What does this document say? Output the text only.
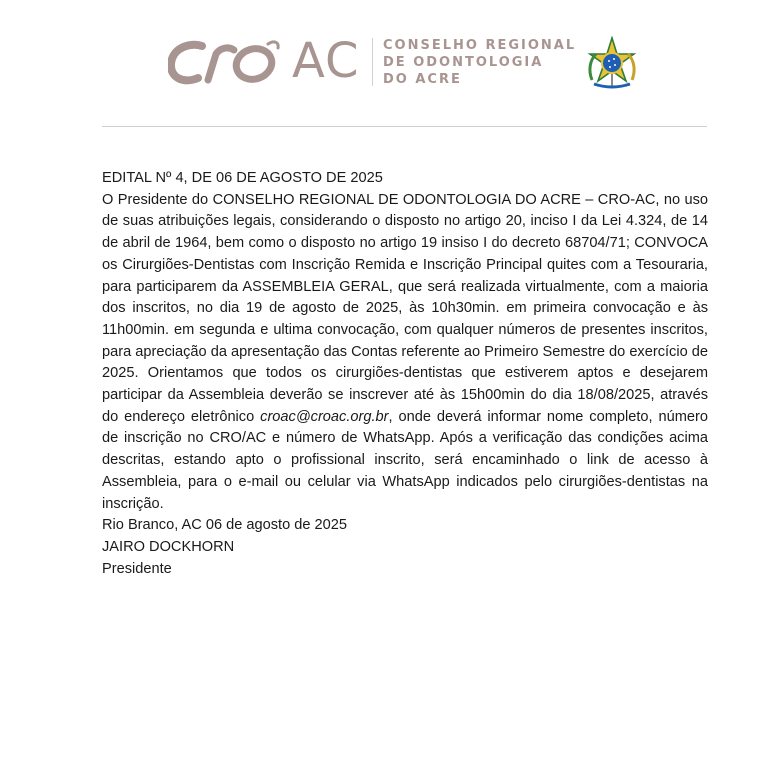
AC CONSELHO REGIONAL
DE ODONTOLOGIA
DO ACRE

EDITAL Nº 4, DE 06 DE AGOSTO DE 2025

O Presidente do CONSELHO REGIONAL DE ODONTOLOGIA DO ACRE – CRO-AC, no uso de suas atribuições legais, considerando o disposto no artigo 20, inciso I da Lei 4.324, de 14 de abril de 1964, bem como o disposto no artigo 19 insiso I do decreto 68704/71; CONVOCA os Cirurgiões-Dentistas com Inscrição Remida e Inscrição Principal quites com a Tesouraria, para participarem da ASSEMBLEIA GERAL, que será realizada virtualmente, com a maioria dos inscritos, no dia 19 de agosto de 2025, às 10h30min. em primeira convocação e às 11h00min. em segunda e ultima convocação, com qualquer números de presentes inscritos, para apreciação da apresentação das Contas referente ao Primeiro Semestre do exercício de 2025. Orientamos que todos os cirurgiões-dentistas que estiverem aptos e desejarem participar da Assembleia deverão se inscrever até às 15h00min do dia 18/08/2025, através do endereço eletrônico croac@croac.org.br, onde deverá informar nome completo, número de inscrição no CRO/AC e número de WhatsApp. Após a verificação das condições acima descritas, estando apto o profissional inscrito, será encaminhado o link de acesso à Assembleia, para o e-mail ou celular via WhatsApp indicados pelo cirurgiões-dentistas na inscrição.

Rio Branco, AC 06 de agosto de 2025

JAIRO DOCKHORN

Presidente
